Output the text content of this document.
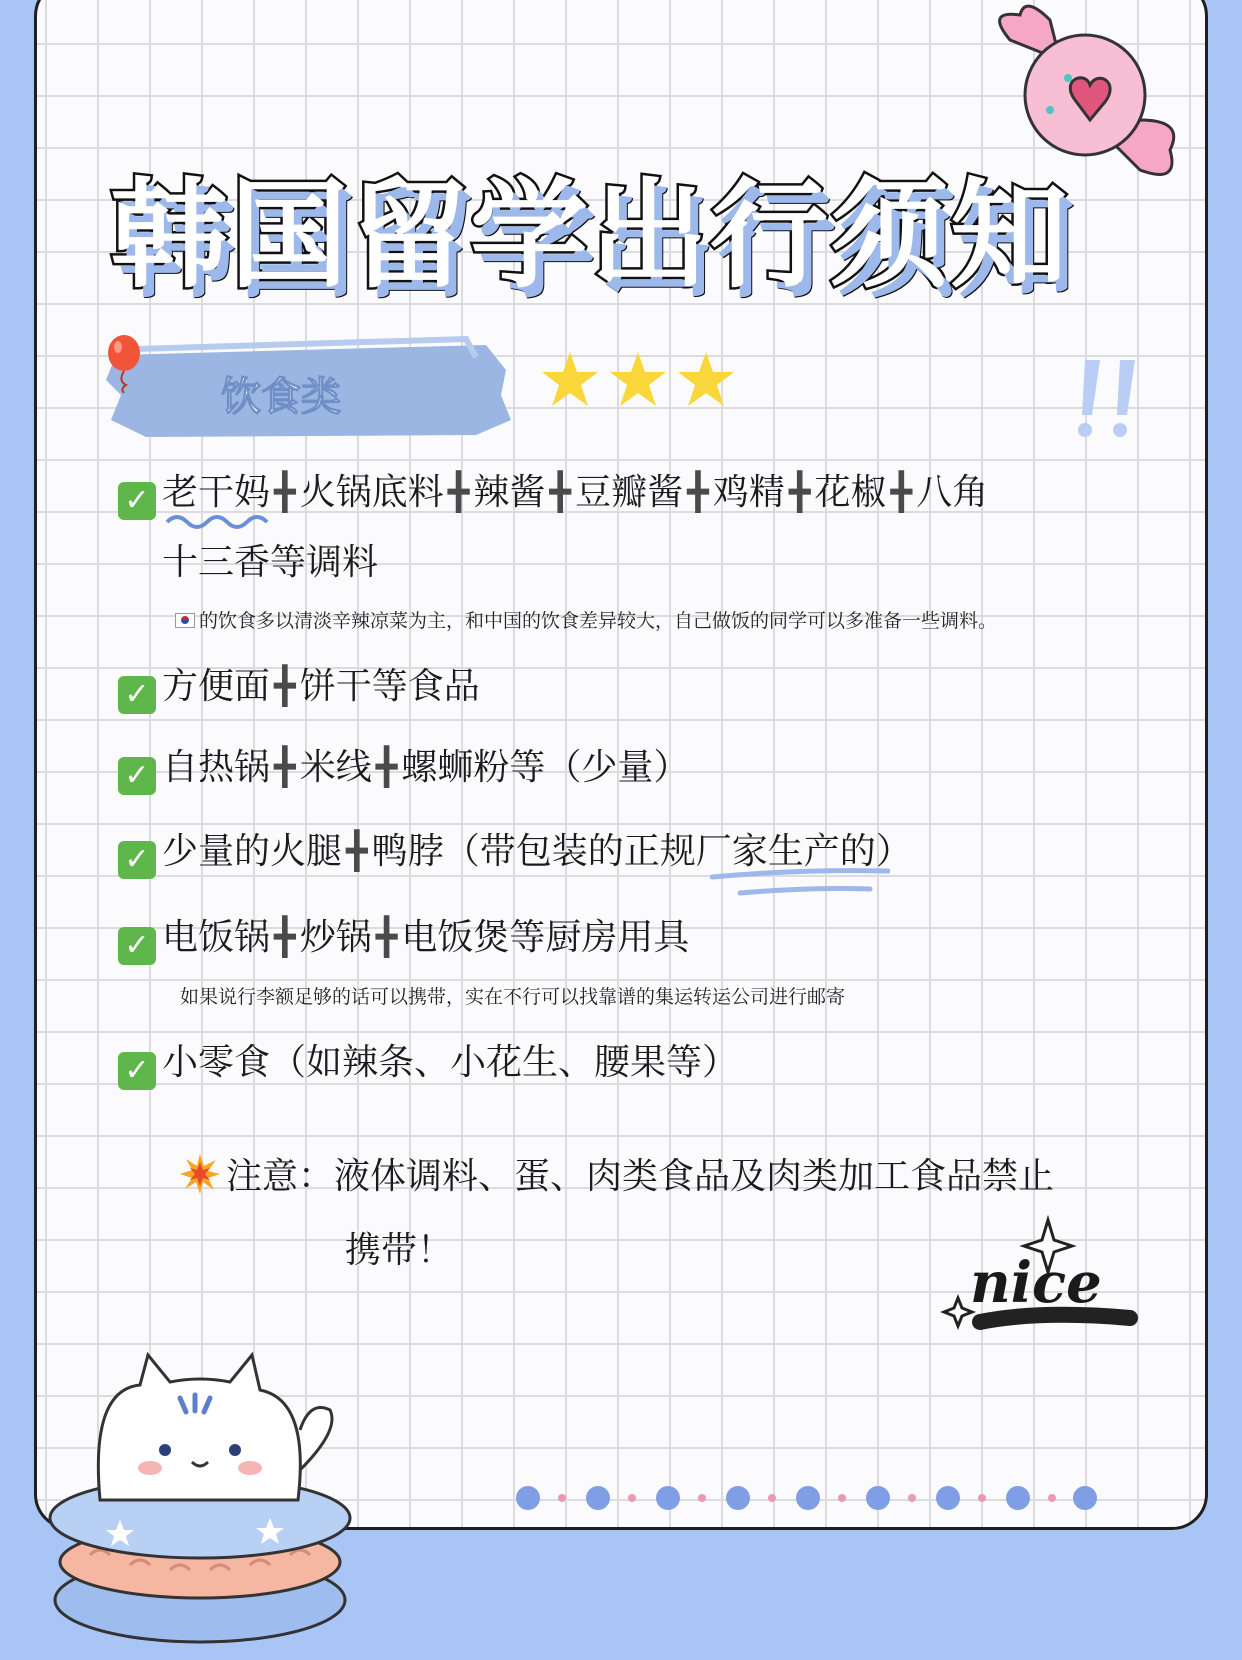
韩国留学出行须知
饮食类
✓ 老干妈 ╋ 火锅底料 ╋ 辣酱 ╋ 豆瓣酱 ╋ 鸡精 ╋ 花椒 ╋ 八角
十三香等调料
的饮食多以清淡辛辣凉菜为主，和中国的饮食差异较大，自己做饭的同学可以多准备一些调料。
✓ 方便面 ╋ 饼干等食品
✓ 自热锅 ╋ 米线 ╋ 螺蛳粉等（少量）
✓ 少量的火腿 ╋ 鸭脖（带包装的正规厂家生产的）
✓ 电饭锅 ╋ 炒锅 ╋ 电饭煲等厨房用具
如果说行李额足够的话可以携带，实在不行可以找靠谱的集运转运公司进行邮寄
✓ 小零食（如辣条、小花生、腰果等）
注意：液体调料、蛋、肉类食品及肉类加工食品禁止
携带！	nice
